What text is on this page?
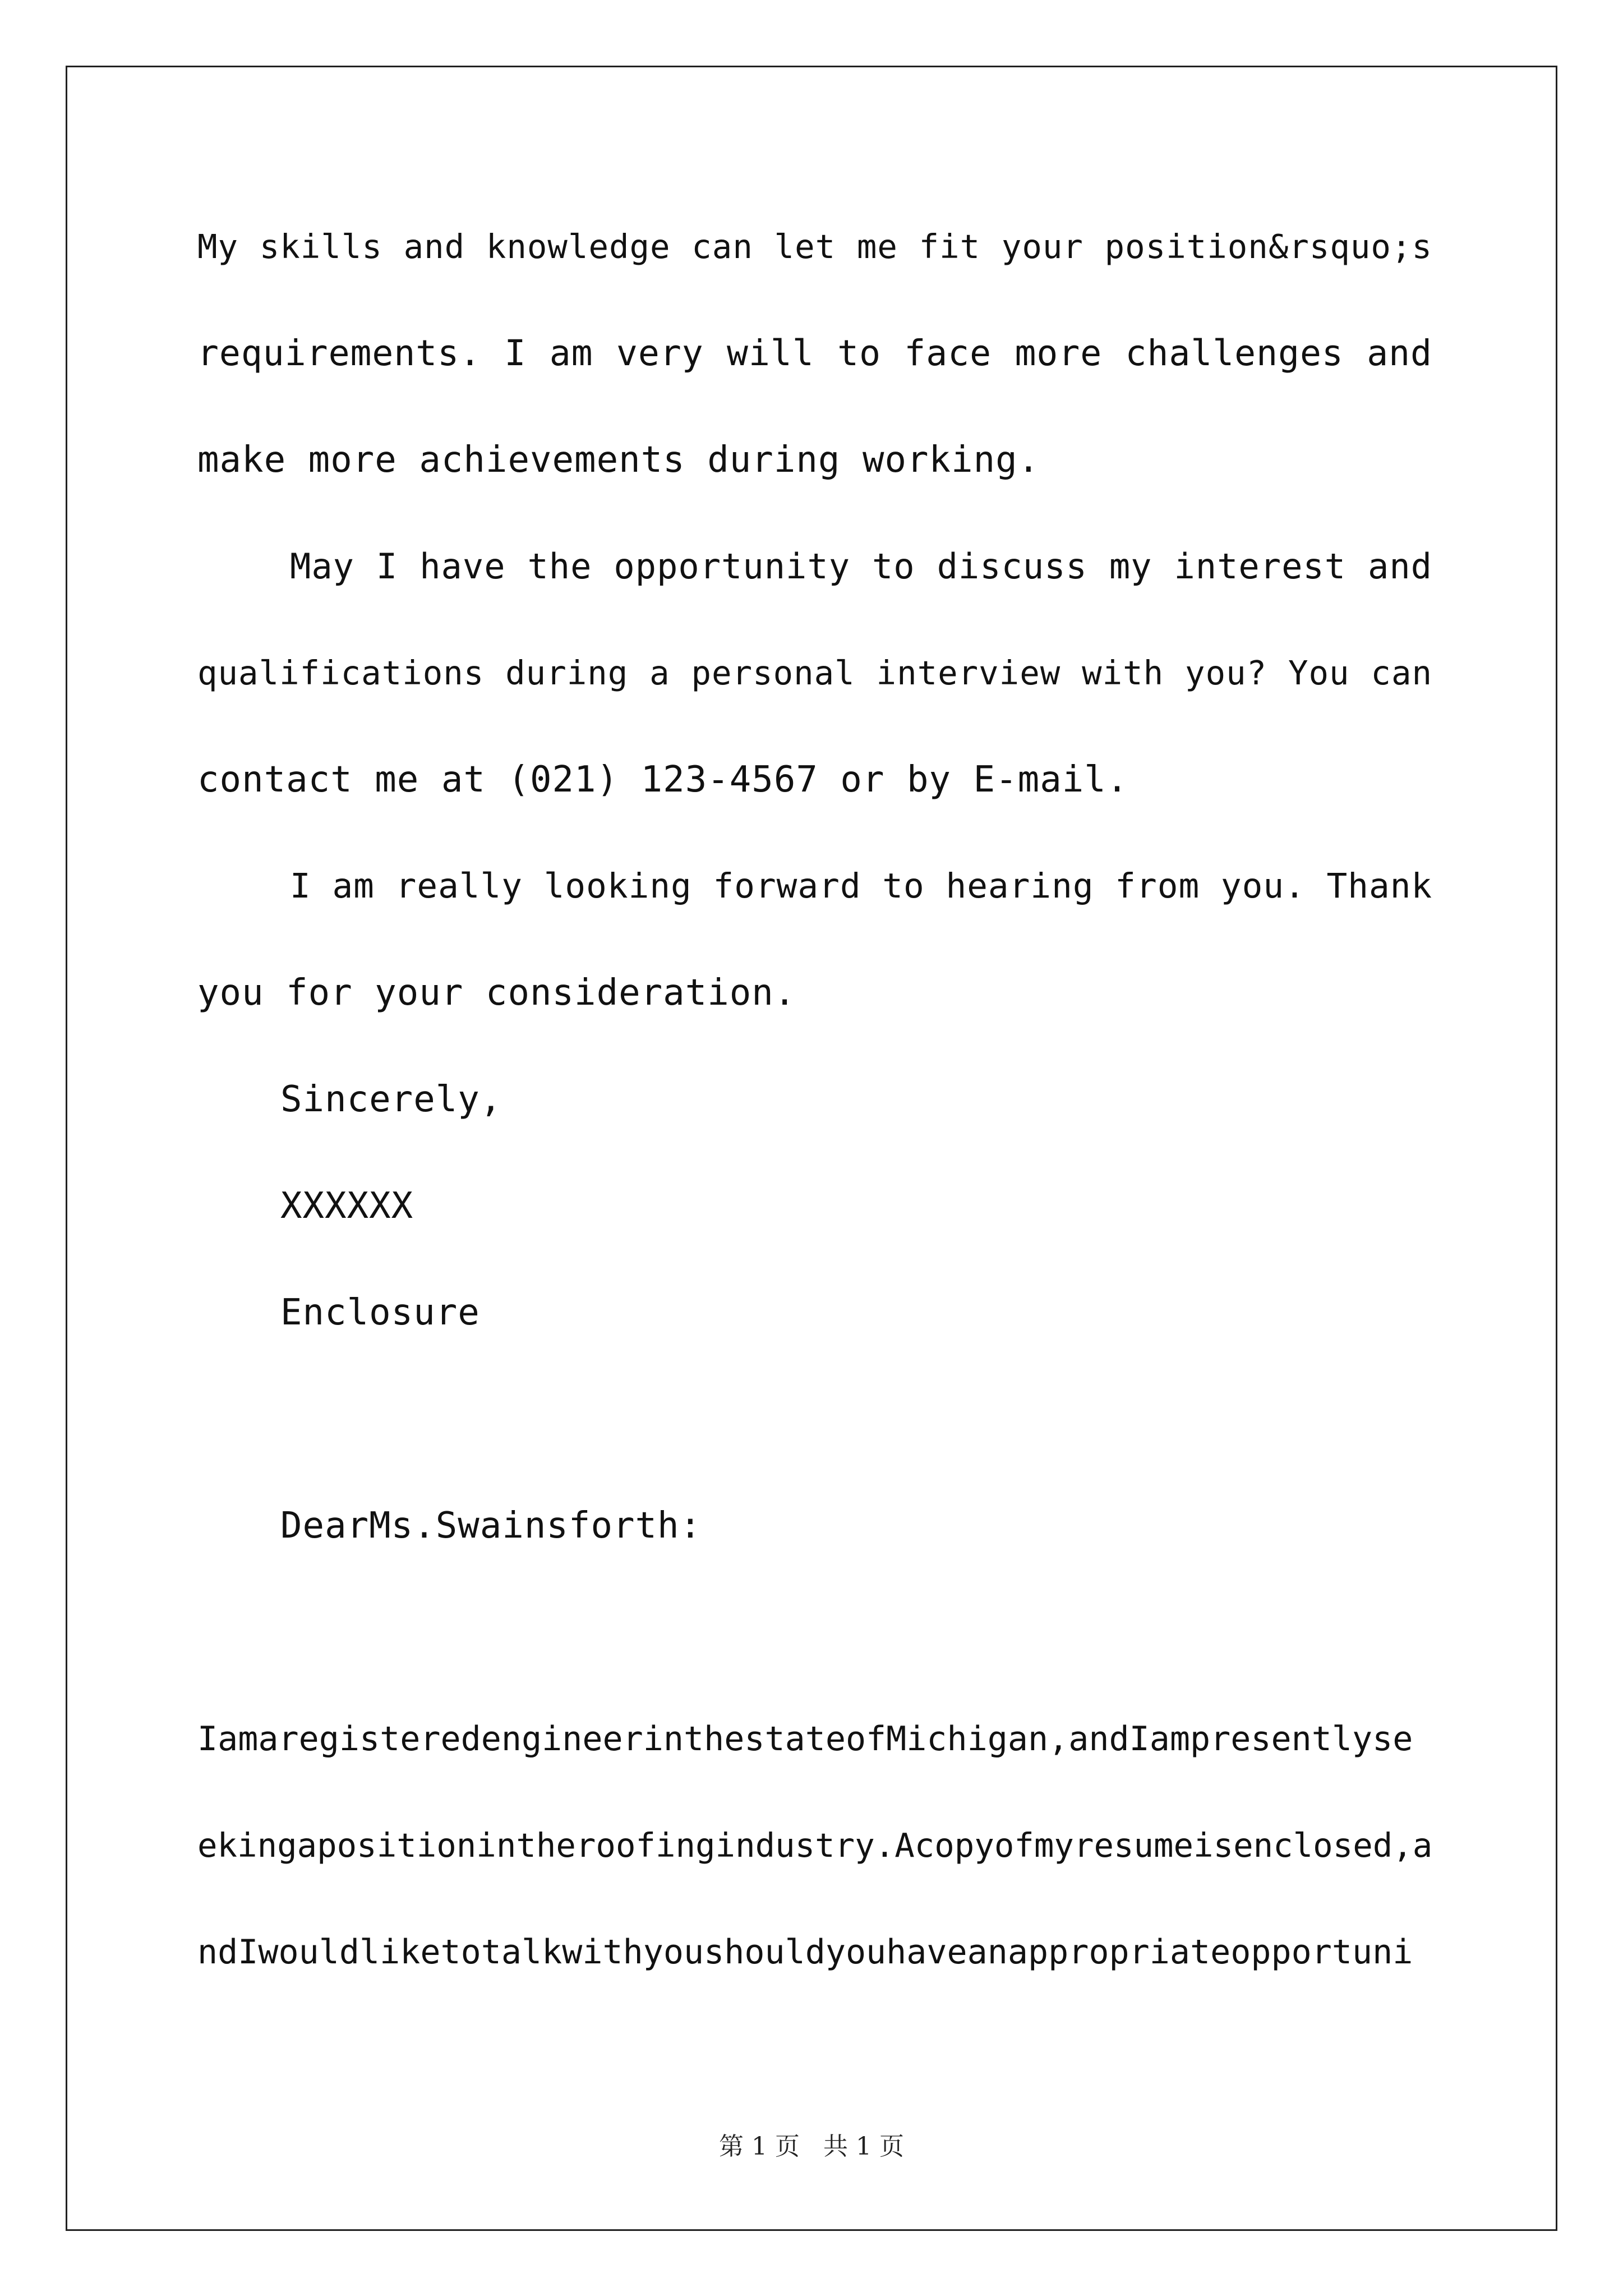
My skills and knowledge can let me fit your position&rsquo;s
requirements. I am very will to face more challenges and
make more achievements during working.
May I have the opportunity to discuss my interest and
qualifications during a personal interview with you? You can
contact me at (021) 123-4567 or by E-mail.
I am really looking forward to hearing from you. Thank
you for your consideration.
Sincerely,
XXXXXX
Enclosure
DearMs.Swainsforth:
IamaregisteredengineerinthestateofMichigan,andIampresentlyse
ekingapositionintheroofingindustry.Acopyofmyresumeisenclosed,a
ndIwouldliketotalkwithyoushouldyouhaveanappropriateopportuni
第 1 页   共 1 页
